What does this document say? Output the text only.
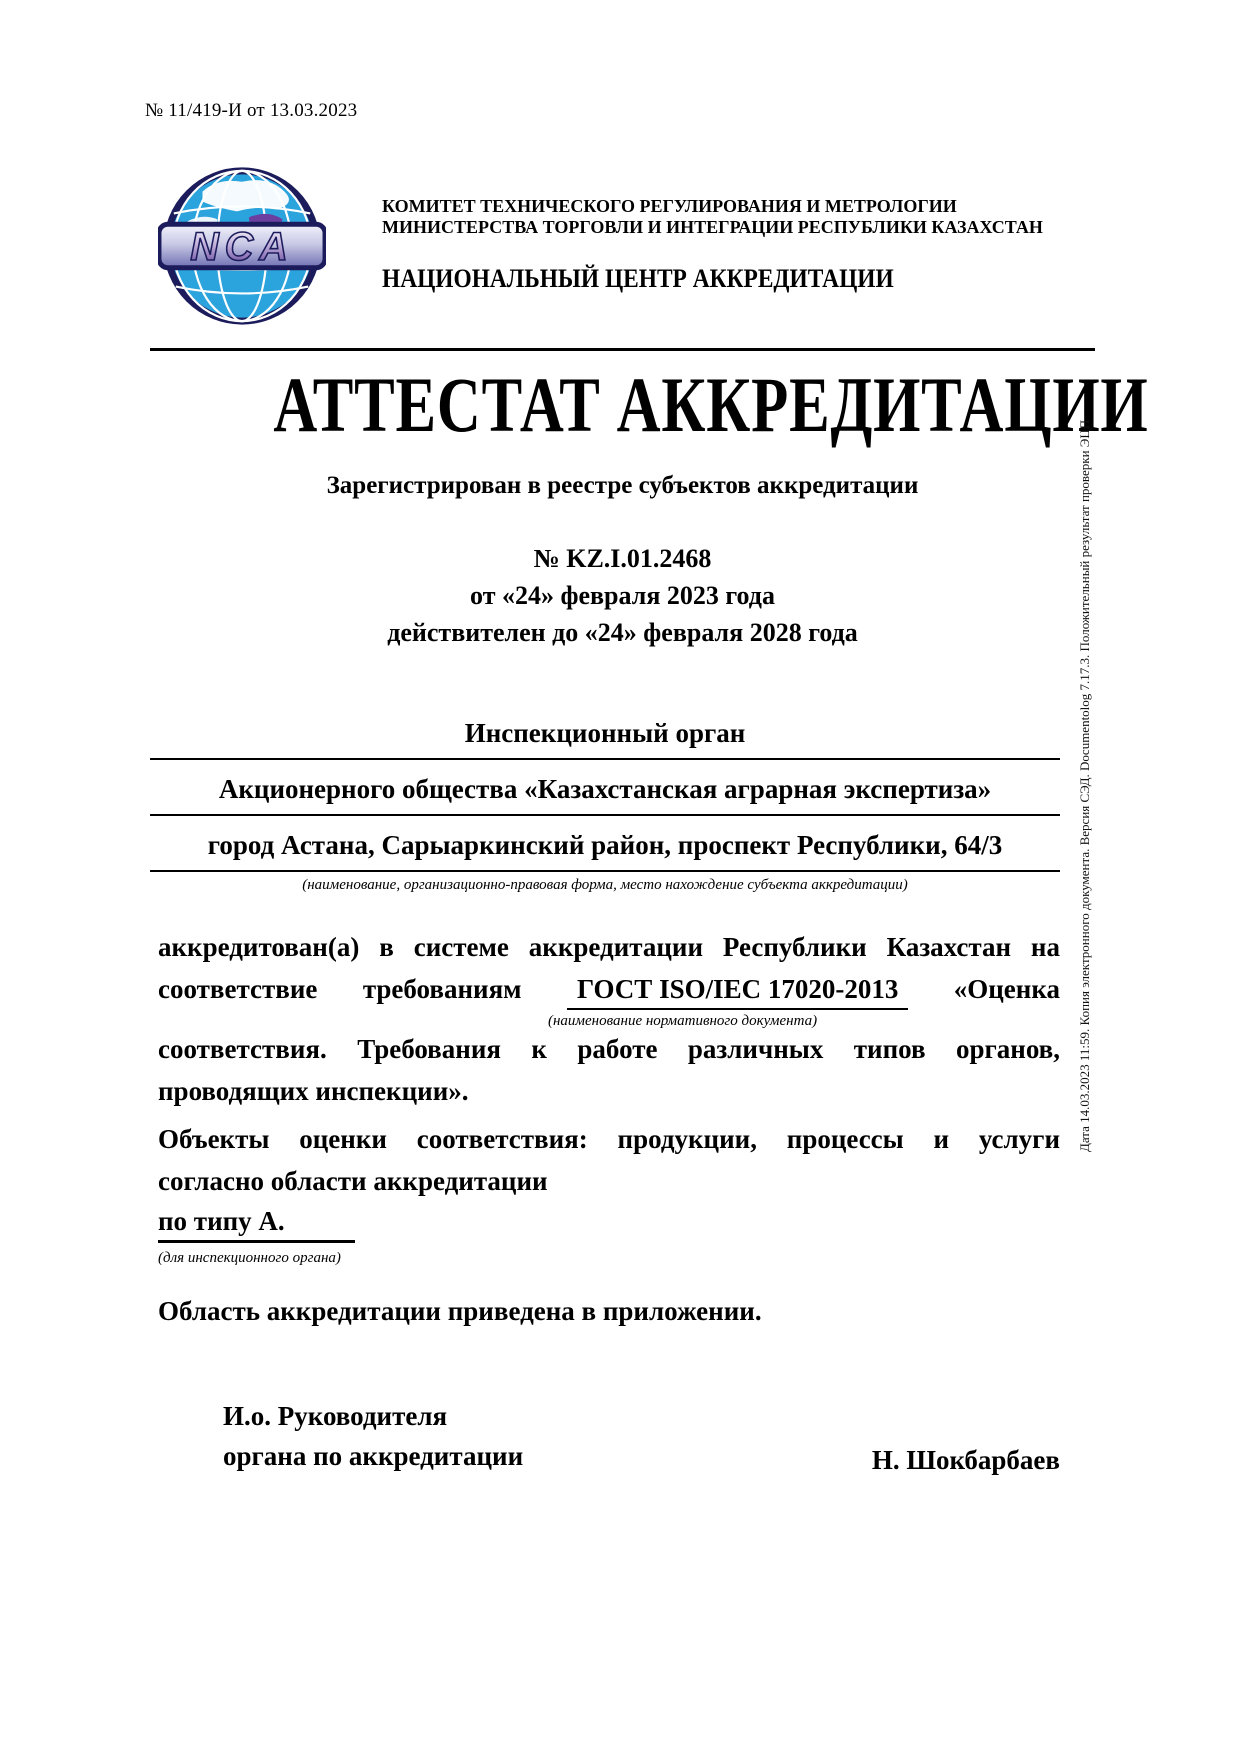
№ 11/419-И от 13.03.2023
NCA
КОМИТЕТ ТЕХНИЧЕСКОГО РЕГУЛИРОВАНИЯ И МЕТРОЛОГИИ
МИНИСТЕРСТВА ТОРГОВЛИ И ИНТЕГРАЦИИ РЕСПУБЛИКИ КАЗАХСТАН
НАЦИОНАЛЬНЫЙ ЦЕНТР АККРЕДИТАЦИИ
АТТЕСТАТ АККРЕДИТАЦИИ
Зарегистрирован в реестре субъектов аккредитации
№ KZ.I.01.2468
от «24» февраля 2023 года
действителен до «24» февраля 2028 года
Инспекционный орган
Акционерного общества «Казахстанская аграрная экспертиза»
город Астана, Сарыаркинский район, проспект Республики, 64/3
(наименование, организационно-правовая форма, место нахождение субъекта аккредитации)
аккредитован(а) в системе аккредитации Республики Казахстан на
соответствие требованиям	ГОСТ ISO/IEC 17020-2013	«Оценка
(наименование нормативного документа)
соответствия. Требования к работе различных типов органов,
проводящих инспекции».
Объекты оценки соответствия: продукции, процессы и услуги
согласно области аккредитации
по типу А.
(для инспекционного органа)
Область аккредитации приведена в приложении.
И.о. Руководителя
органа по аккредитации	Н. Шокбарбаев
Дата 14.03.2023 11:59. Копия электронного документа. Версия СЭД. Documentolog 7.17.3. Положительный результат проверки ЭЦП
